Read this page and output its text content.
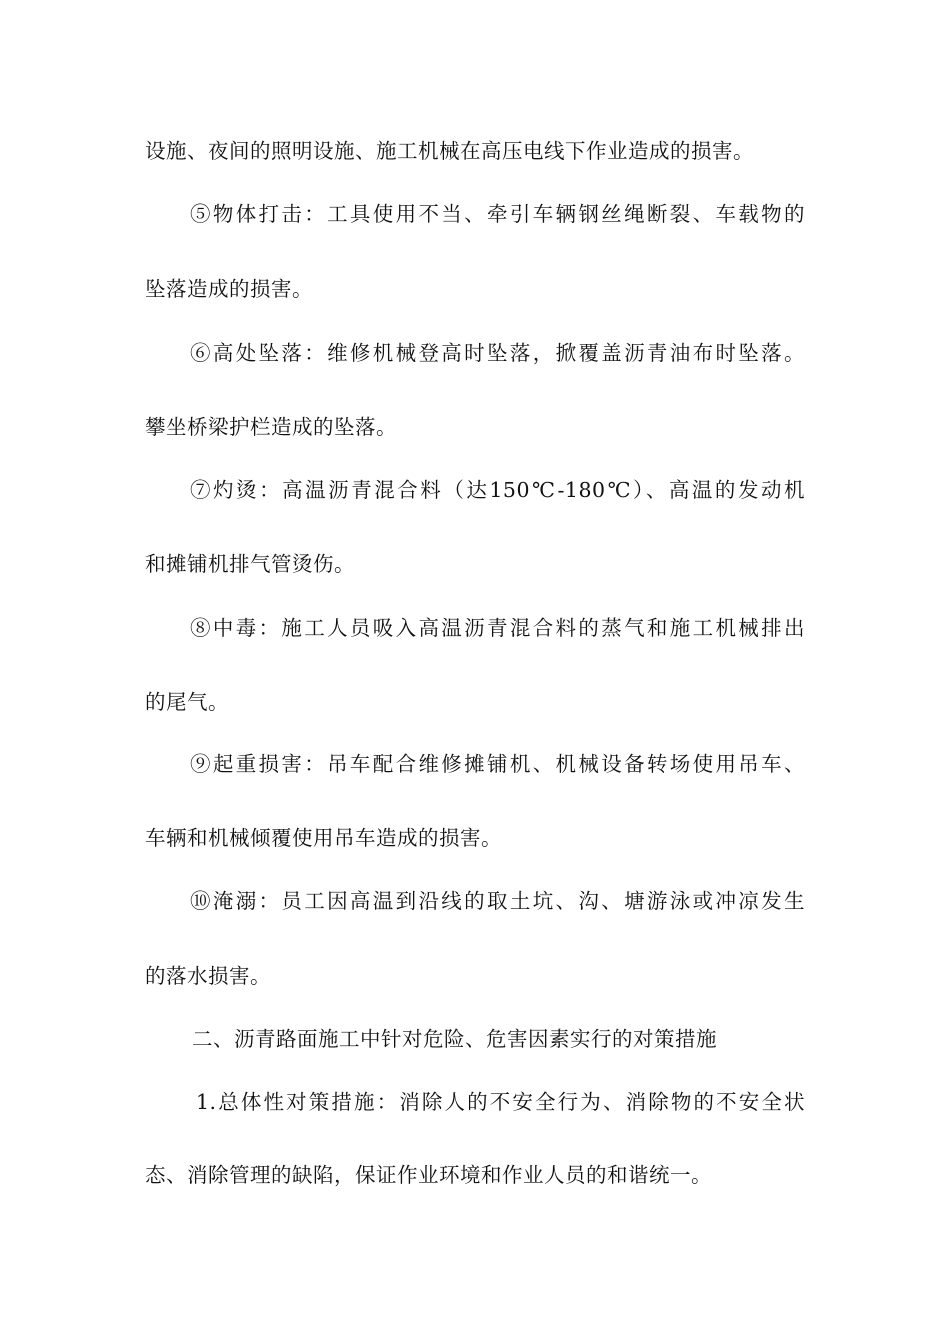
设施、夜间的照明设施、施工机械在高压电线下作业造成的损害。
⑤物体打击：工具使用不当、牵引车辆钢丝绳断裂、车载物的
坠落造成的损害。
⑥高处坠落：维修机械登高时坠落，掀覆盖沥青油布时坠落。
攀坐桥梁护栏造成的坠落。
⑦灼烫：高温沥青混合料（达150℃-180℃）、高温的发动机
和摊铺机排气管烫伤。
⑧中毒：施工人员吸入高温沥青混合料的蒸气和施工机械排出
的尾气。
⑨起重损害：吊车配合维修摊铺机、机械设备转场使用吊车、
车辆和机械倾覆使用吊车造成的损害。
⑩淹溺：员工因高温到沿线的取土坑、沟、塘游泳或冲凉发生
的落水损害。
二、沥青路面施工中针对危险、危害因素实行的对策措施
1.总体性对策措施：消除人的不安全行为、消除物的不安全状
态、消除管理的缺陷，保证作业环境和作业人员的和谐统一。
